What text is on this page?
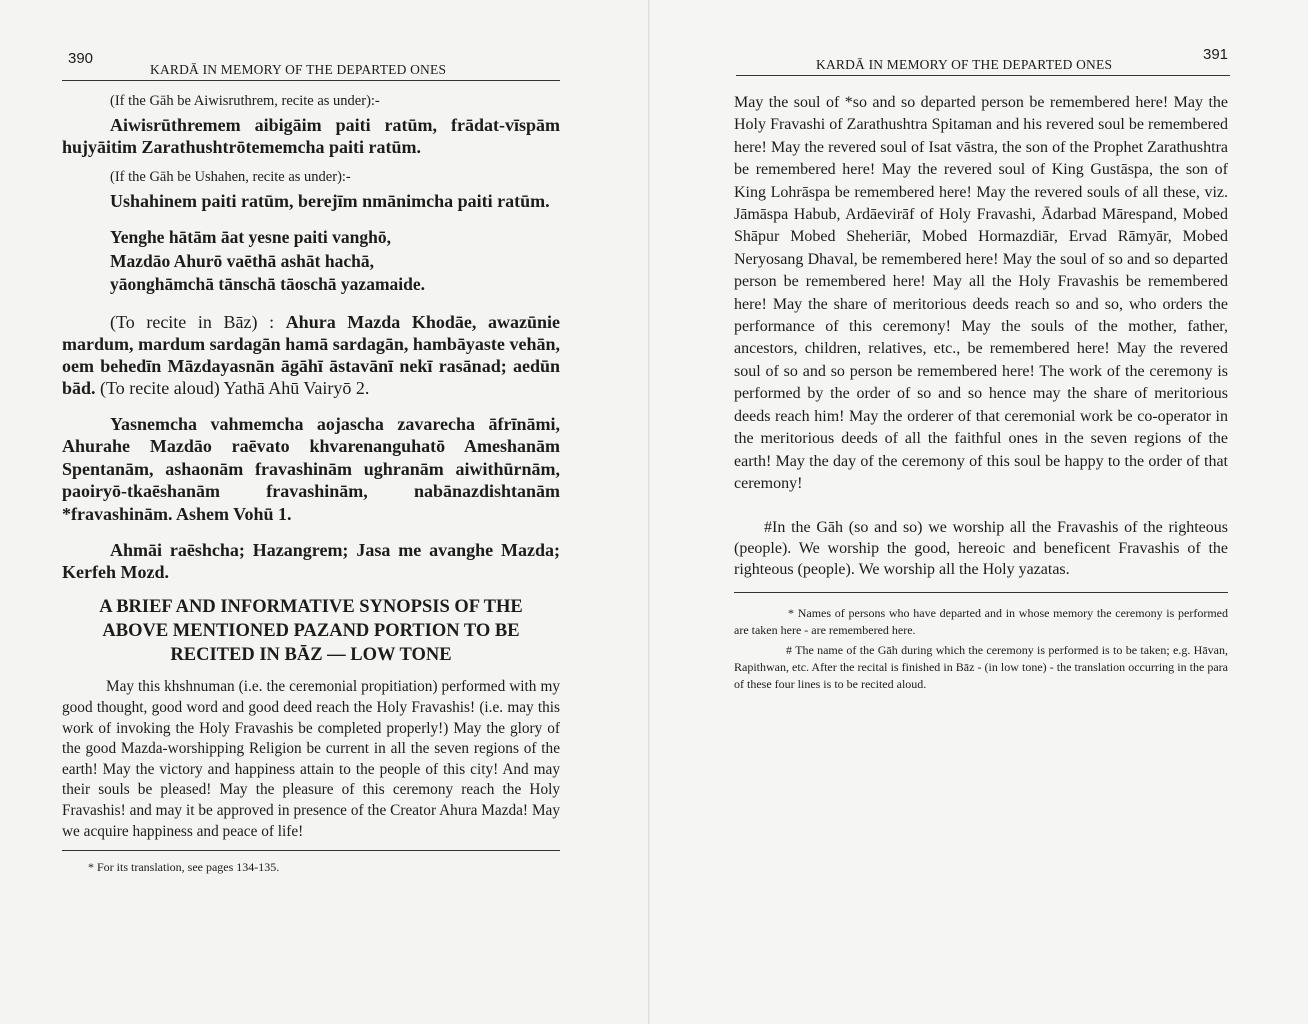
390
KARDĀ IN MEMORY OF THE DEPARTED ONES

(If the Gāh be Aiwisruthrem, recite as under):-

Aiwisrūthremem aibigāim paiti ratūm, frādat-vīspām hujyāitim Zarathushtrōtememcha paiti ratūm.

(If the Gāh be Ushahen, recite as under):-

Ushahinem paiti ratūm, berejīm nmānimcha paiti ratūm.

Yenghe hātām āat yesne paiti vanghō,

Mazdāo Ahurō vaēthā ashāt hachā,

yāonghāmchā tānschā tāoschā yazamaide.

(To recite in Bāz) : Ahura Mazda Khodāe, awazūnie mardum, mardum sardagān hamā sardagān, hambāyaste vehān, oem behedīn Māzdayasnān āgāhī āstavānī nekī rasānad; aedūn bād. (To recite aloud) Yathā Ahū Vairyō 2.

Yasnemcha vahmemcha aojascha zavarecha āfrīnāmi, Ahurahe Mazdāo raēvato khvarenanguhatō Ameshanām Spentanām, ashaonām fravashinām ughranām aiwithūrnām, paoiryō-tkaēshanām fravashinām, nabānazdishtanām *fravashinām. Ashem Vohū 1.

Ahmāi raēshcha; Hazangrem; Jasa me avanghe Mazda; Kerfeh Mozd.

A BRIEF AND INFORMATIVE SYNOPSIS OF THE

ABOVE MENTIONED PAZAND PORTION TO BE

RECITED IN BĀZ — LOW TONE

May this khshnuman (i.e. the ceremonial propitiation) performed with my good thought, good word and good deed reach the Holy Fravashis! (i.e. may this work of invoking the Holy Fravashis be completed properly!) May the glory of the good Mazda-worshipping Religion be current in all the seven regions of the earth! May the victory and happiness attain to the people of this city! And may their souls be pleased! May the pleasure of this ceremony reach the Holy Fravashis! and may it be approved in presence of the Creator Ahura Mazda! May we acquire happiness and peace of life!

* For its translation, see pages 134-135.

391
KARDĀ IN MEMORY OF THE DEPARTED ONES

May the soul of *so and so departed person be remembered here! May the Holy Fravashi of Zarathushtra Spitaman and his revered soul be remembered here! May the revered soul of Isat vāstra, the son of the Prophet Zarathushtra be remembered here! May the revered soul of King Gustāspa, the son of King Lohrāspa be remembered here! May the revered souls of all these, viz. Jāmāspa Habub, Ardāevirāf of Holy Fravashi, Ādarbad Mārespand, Mobed Shāpur Mobed Sheheriār, Mobed Hormazdiār, Ervad Rāmyār, Mobed Neryosang Dhaval, be remembered here! May the soul of so and so departed person be remembered here! May all the Holy Fravashis be remembered here! May the share of meritorious deeds reach so and so, who orders the performance of this ceremony! May the souls of the mother, father, ancestors, children, relatives, etc., be remembered here! May the revered soul of so and so person be remembered here! The work of the ceremony is performed by the order of so and so hence may the share of meritorious deeds reach him! May the orderer of that ceremonial work be co-operator in the meritorious deeds of all the faithful ones in the seven regions of the earth! May the day of the ceremony of this soul be happy to the order of that ceremony!

#In the Gāh (so and so) we worship all the Fravashis of the righteous (people). We worship the good, hereoic and beneficent Fravashis of the righteous (people). We worship all the Holy yazatas.

* Names of persons who have departed and in whose memory the ceremony is performed are taken here - are remembered here.

# The name of the Gāh during which the ceremony is performed is to be taken; e.g. Hāvan, Rapithwan, etc. After the recital is finished in Bāz - (in low tone) - the translation occurring in the para of these four lines is to be recited aloud.
